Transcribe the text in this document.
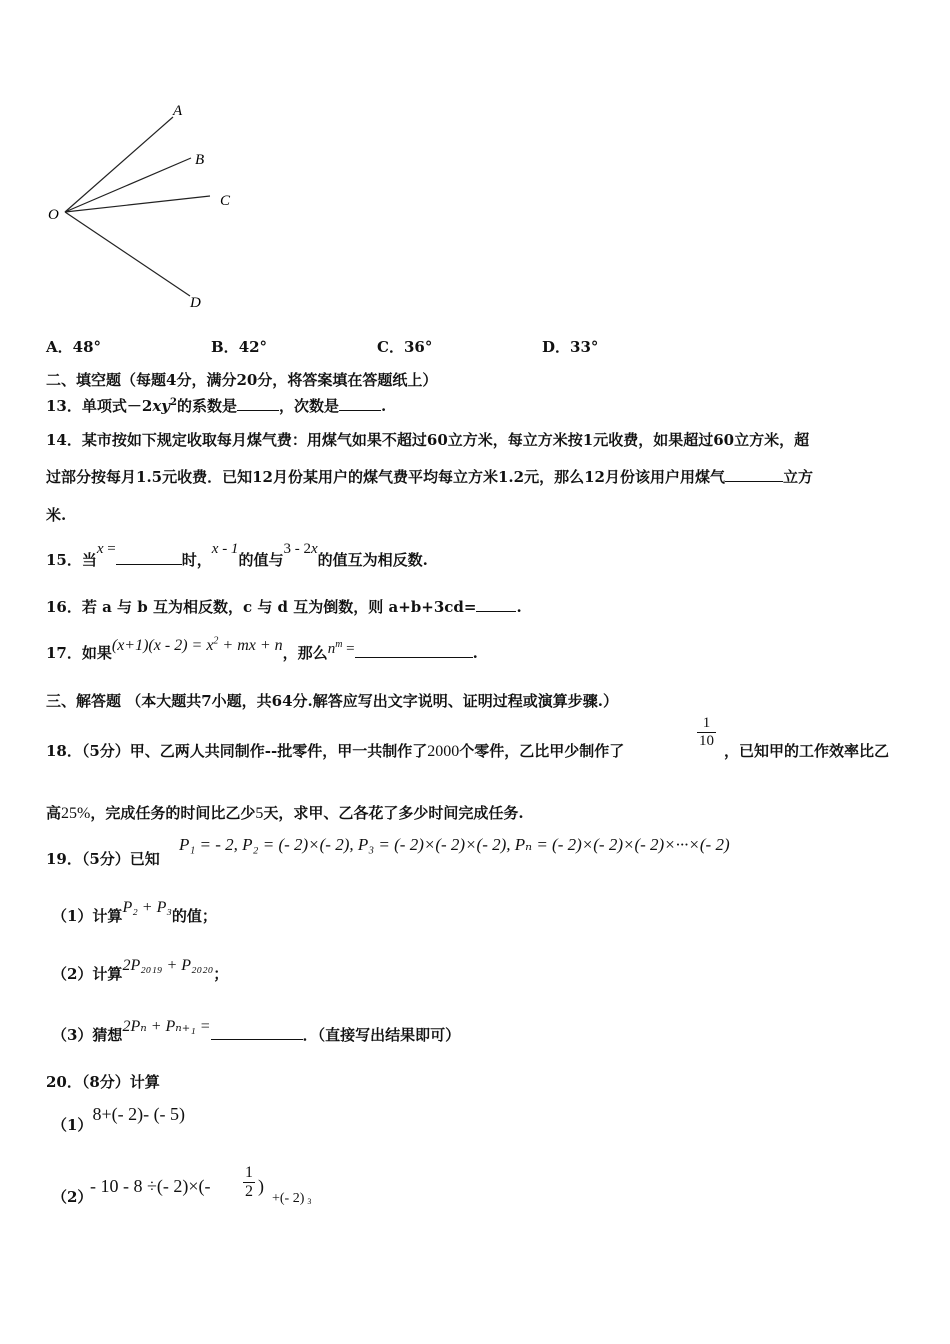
A
B
C
O
D
A．48°	B．42°	C．36°	D．33°
二、填空题（每题4分，满分20分，将答案填在答题纸上）
13．单项式$-2xy^2$的系数是	，次数是	.
14．某市按如下规定收取每月煤气费：用煤气如果不超过60立方米，每立方米按1元收费，如果超过60立方米，超
过部分按每月1.5元收费．已知12月份某用户的煤气费平均每立方米1.2元，那么12月份该用户用煤气	立方
米.
15．当x =时，x - 1的值与3 - 2x的值互为相反数.
16．若 a 与 b 互为相反数，c 与 d 互为倒数，则 a+b+3cd=	.
17．如果$(x+1)(x - 2) = x^2$ + mx + n，那么$n^m$ =	.
三、解答题 （本大题共7小题，共64分.解答应写出文字说明、证明过程或演算步骤.）
18．（5分）甲、乙两人共同制作--批零件，甲一共制作了2000个零件，乙比甲少制作了
$\frac{1}{10}$
，已知甲的工作效率比乙
高25%，完成任务的时间比乙少5天，求甲、乙各花了多少时间完成任务.
19．（5分）已知
P₁ = - 2, P₂ = (- 2)×(- 2), P₃ = (- 2)×(- 2)×(- 2), Pₙ = (- 2)×(- 2)×(- 2)×···×(- 2)
（1）计算P₂ + P₃的值；
（2）计算2P₂₀₁₉ + P₂₀₂₀；
（3）猜想2Pₙ + Pₙ₊₁ =	．（直接写出结果即可）
20．（8分）计算
（1）8+(- 2)- (- 5)
（2）
- 10 - 8 ÷(- $2)\times(- \frac{1}{2}$ )
+(- 2) 3
